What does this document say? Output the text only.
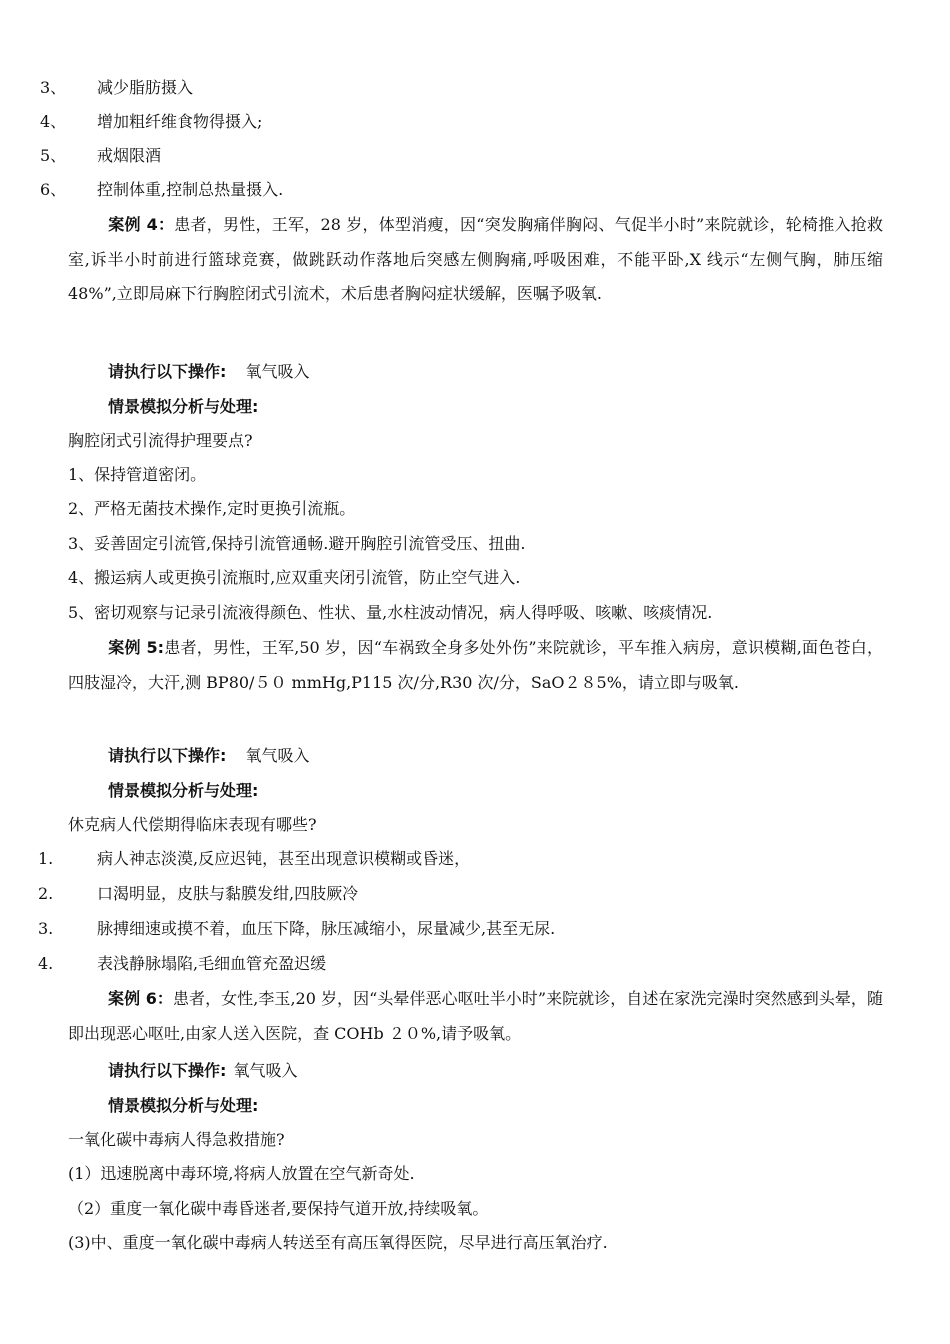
3、 减少脂肪摄入
4、 增加粗纤维食物得摄入;
5、 戒烟限酒
6、 控制体重,控制总热量摄入.
案例 4：患者，男性，王军，28 岁，体型消瘦，因“突发胸痛伴胸闷、气促半小时”来院就诊，轮椅推入抢救室,诉半小时前进行篮球竞赛，做跳跃动作落地后突感左侧胸痛,呼吸困难，不能平卧,X 线示“左侧气胸，肺压缩 48%”,立即局麻下行胸腔闭式引流术，术后患者胸闷症状缓解，医嘱予吸氧.
请执行以下操作: 氧气吸入
情景模拟分析与处理:
胸腔闭式引流得护理要点?
1、保持管道密闭。
2、严格无菌技术操作,定时更换引流瓶。
3、妥善固定引流管,保持引流管通畅.避开胸腔引流管受压、扭曲.
4、搬运病人或更换引流瓶时,应双重夹闭引流管，防止空气进入.
5、密切观察与记录引流液得颜色、性状、量,水柱波动情况，病人得呼吸、咳嗽、咳痰情况.
案例 5:患者，男性，王军,50 岁，因“车祸致全身多处外伤”来院就诊，平车推入病房，意识模糊,面色苍白，四肢湿冷，大汗,测 BP80/５０ mmHg,P115 次/分,R30 次/分，SaO２８5%，请立即与吸氧.
请执行以下操作: 氧气吸入
情景模拟分析与处理:
休克病人代偿期得临床表现有哪些?
1.	病人神志淡漠,反应迟钝，甚至出现意识模糊或昏迷，
2.	口渴明显，皮肤与黏膜发绀,四肢厥冷
3.	脉搏细速或摸不着，血压下降，脉压减缩小，尿量减少,甚至无尿.
4.	表浅静脉塌陷,毛细血管充盈迟缓
案例 6：患者，女性,李玉,20 岁，因“头晕伴恶心呕吐半小时”来院就诊，自述在家洗完澡时突然感到头晕，随即出现恶心呕吐,由家人送入医院，查 COHb ２０%,请予吸氧。
请执行以下操作: 氧气吸入
情景模拟分析与处理:
一氧化碳中毒病人得急救措施?
(1）迅速脱离中毒环境,将病人放置在空气新奇处.
（2）重度一氧化碳中毒昏迷者,要保持气道开放,持续吸氧。
(3)中、重度一氧化碳中毒病人转送至有高压氧得医院，尽早进行高压氧治疗.
